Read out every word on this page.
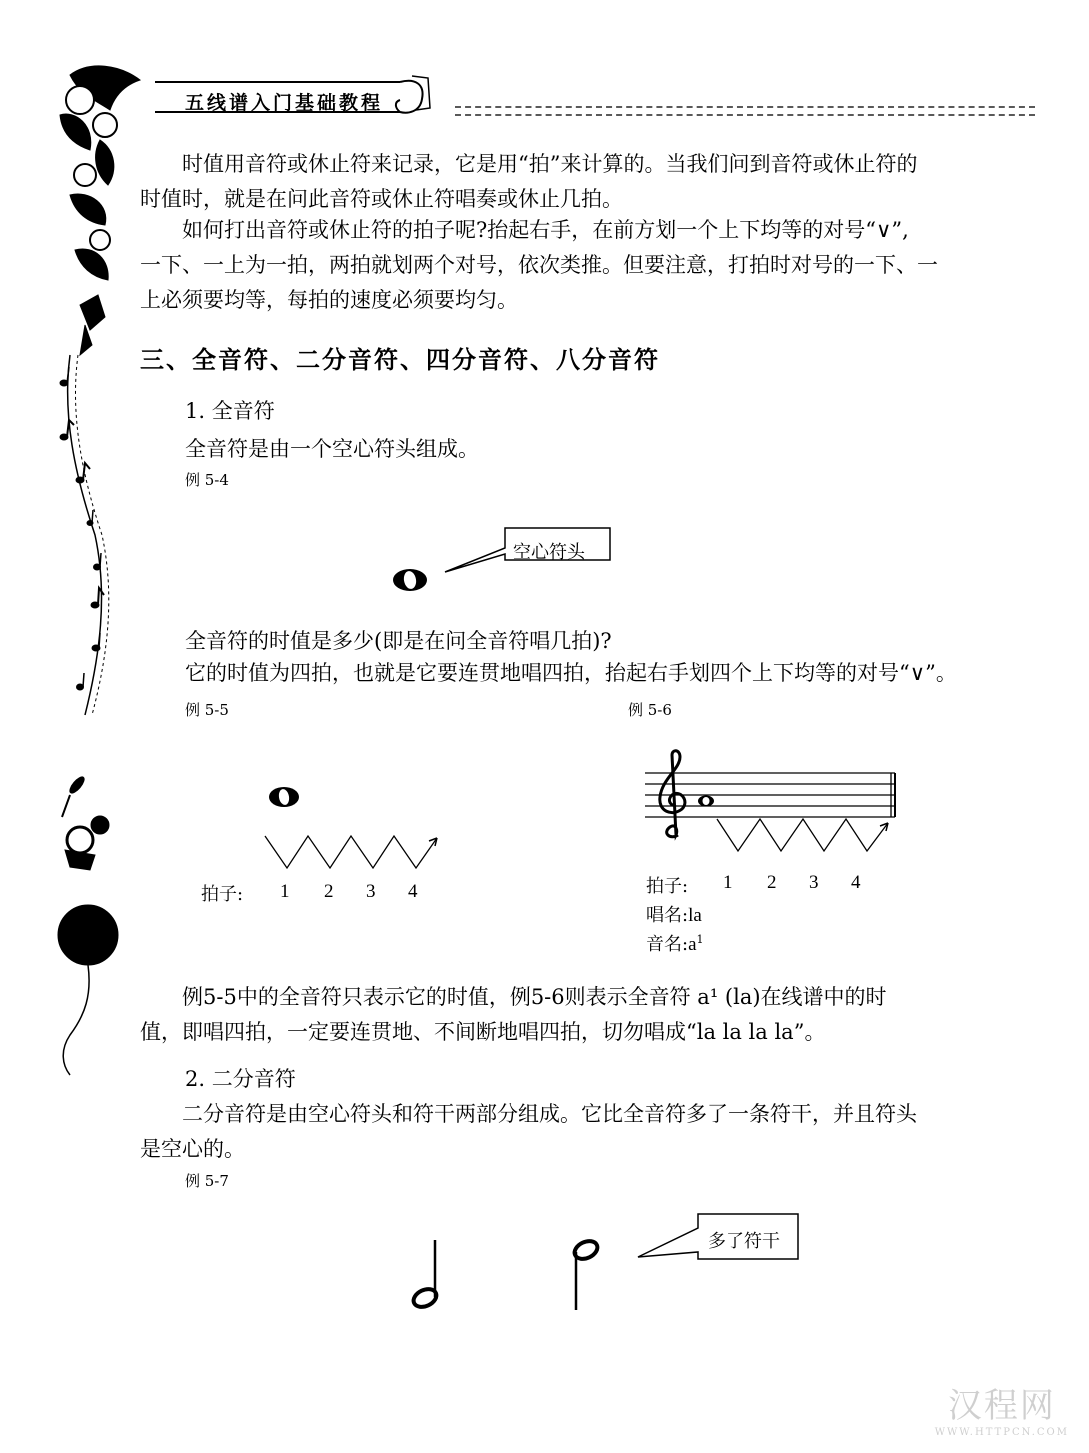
五线谱入门基础教程
时值用音符或休止符来记录，它是用“拍”来计算的。当我们问到音符或休止符的
时值时，就是在问此音符或休止符唱奏或休止几拍。
如何打出音符或休止符的拍子呢?抬起右手，在前方划一个上下均等的对号“∨”,
一下、一上为一拍，两拍就划两个对号，依次类推。但要注意，打拍时对号的一下、一
上必须要均等，每拍的速度必须要均匀。
三、全音符、二分音符、四分音符、八分音符
1. 全音符
全音符是由一个空心符头组成。
例 5-4
空心符头
全音符的时值是多少(即是在问全音符唱几拍)?
它的时值为四拍，也就是它要连贯地唱四拍，抬起右手划四个上下均等的对号“∨”。
例 5-5	例 5-6
拍子: 1 2 3 4	拍子: 1 2 3 4
唱名:la
音名$:a^1$
例5-5中的全音符只表示它的时值，例5-6则表示全音符 a¹ (la)在线谱中的时
值，即唱四拍，一定要连贯地、不间断地唱四拍，切勿唱成“la la la la”。
2. 二分音符
二分音符是由空心符头和符干两部分组成。它比全音符多了一条符干，并且符头
是空心的。
例 5-7
多了符干
汉程网
WWW.HTTPCN.COM
